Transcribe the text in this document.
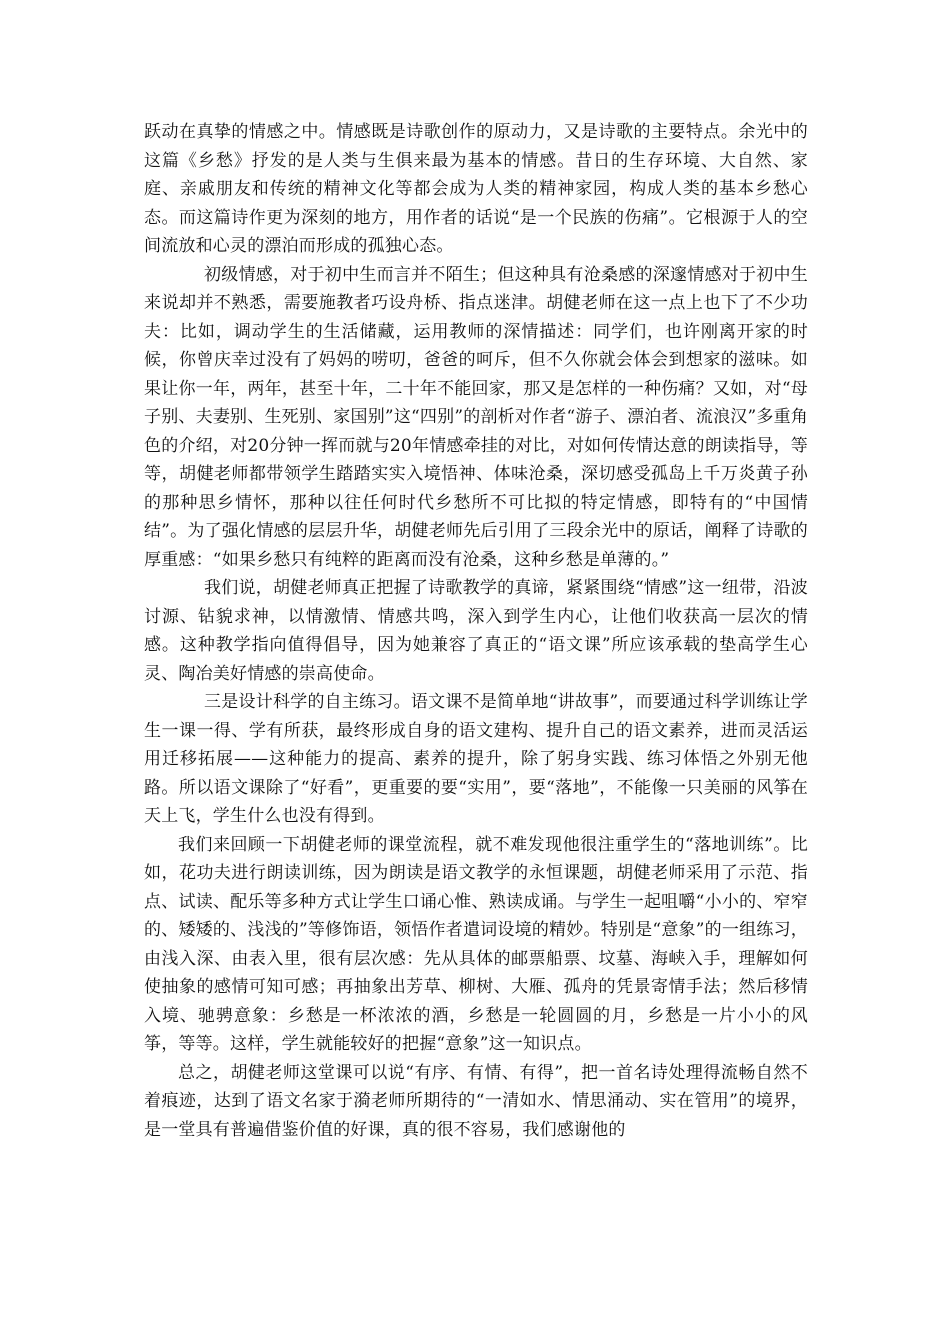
跃动在真挚的情感之中。情感既是诗歌创作的原动力，又是诗歌的主要特点。余光中的这篇《乡愁》抒发的是人类与生俱来最为基本的情感。昔日的生存环境、大自然、家庭、亲戚朋友和传统的精神文化等都会成为人类的精神家园，构成人类的基本乡愁心态。而这篇诗作更为深刻的地方，用作者的话说“是一个民族的伤痛”。它根源于人的空间流放和心灵的漂泊而形成的孤独心态。

初级情感，对于初中生而言并不陌生；但这种具有沧桑感的深邃情感对于初中生来说却并不熟悉，需要施教者巧设舟桥、指点迷津。胡健老师在这一点上也下了不少功夫：比如，调动学生的生活储藏，运用教师的深情描述：同学们，也许刚离开家的时候，你曾庆幸过没有了妈妈的唠叨，爸爸的呵斥，但不久你就会体会到想家的滋味。如果让你一年，两年，甚至十年，二十年不能回家，那又是怎样的一种伤痛？又如，对“母子别、夫妻别、生死别、家国别”这“四别”的剖析对作者“游子、漂泊者、流浪汉”多重角色的介绍，对20分钟一挥而就与20年情感牵挂的对比，对如何传情达意的朗读指导，等等，胡健老师都带领学生踏踏实实入境悟神、体味沧桑，深切感受孤岛上千万炎黄子孙的那种思乡情怀，那种以往任何时代乡愁所不可比拟的特定情感，即特有的“中国情结”。为了强化情感的层层升华，胡健老师先后引用了三段余光中的原话，阐释了诗歌的厚重感：“如果乡愁只有纯粹的距离而没有沧桑，这种乡愁是单薄的。”

我们说，胡健老师真正把握了诗歌教学的真谛，紧紧围绕“情感”这一纽带，沿波讨源、钻貌求神，以情激情、情感共鸣，深入到学生内心，让他们收获高一层次的情感。这种教学指向值得倡导，因为她兼容了真正的“语文课”所应该承载的垫高学生心灵、陶冶美好情感的崇高使命。

三是设计科学的自主练习。语文课不是简单地“讲故事”，而要通过科学训练让学生一课一得、学有所获，最终形成自身的语文建构、提升自己的语文素养，进而灵活运用迁移拓展——这种能力的提高、素养的提升，除了躬身实践、练习体悟之外别无他路。所以语文课除了“好看”，更重要的要“实用”，要“落地”，不能像一只美丽的风筝在天上飞，学生什么也没有得到。

我们来回顾一下胡健老师的课堂流程，就不难发现他很注重学生的“落地训练”。比如，花功夫进行朗读训练，因为朗读是语文教学的永恒课题，胡健老师采用了示范、指点、试读、配乐等多种方式让学生口诵心惟、熟读成诵。与学生一起咀嚼“小小的、窄窄的、矮矮的、浅浅的”等修饰语，领悟作者遣词设境的精妙。特别是“意象”的一组练习，由浅入深、由表入里，很有层次感：先从具体的邮票船票、坟墓、海峡入手，理解如何使抽象的感情可知可感；再抽象出芳草、柳树、大雁、孤舟的凭景寄情手法；然后移情入境、驰骋意象：乡愁是一杯浓浓的酒，乡愁是一轮圆圆的月，乡愁是一片小小的风筝，等等。这样，学生就能较好的把握“意象”这一知识点。

总之，胡健老师这堂课可以说“有序、有情、有得”，把一首名诗处理得流畅自然不着痕迹，达到了语文名家于漪老师所期待的“一清如水、情思涌动、实在管用”的境界，是一堂具有普遍借鉴价值的好课，真的很不容易，我们感谢他的
